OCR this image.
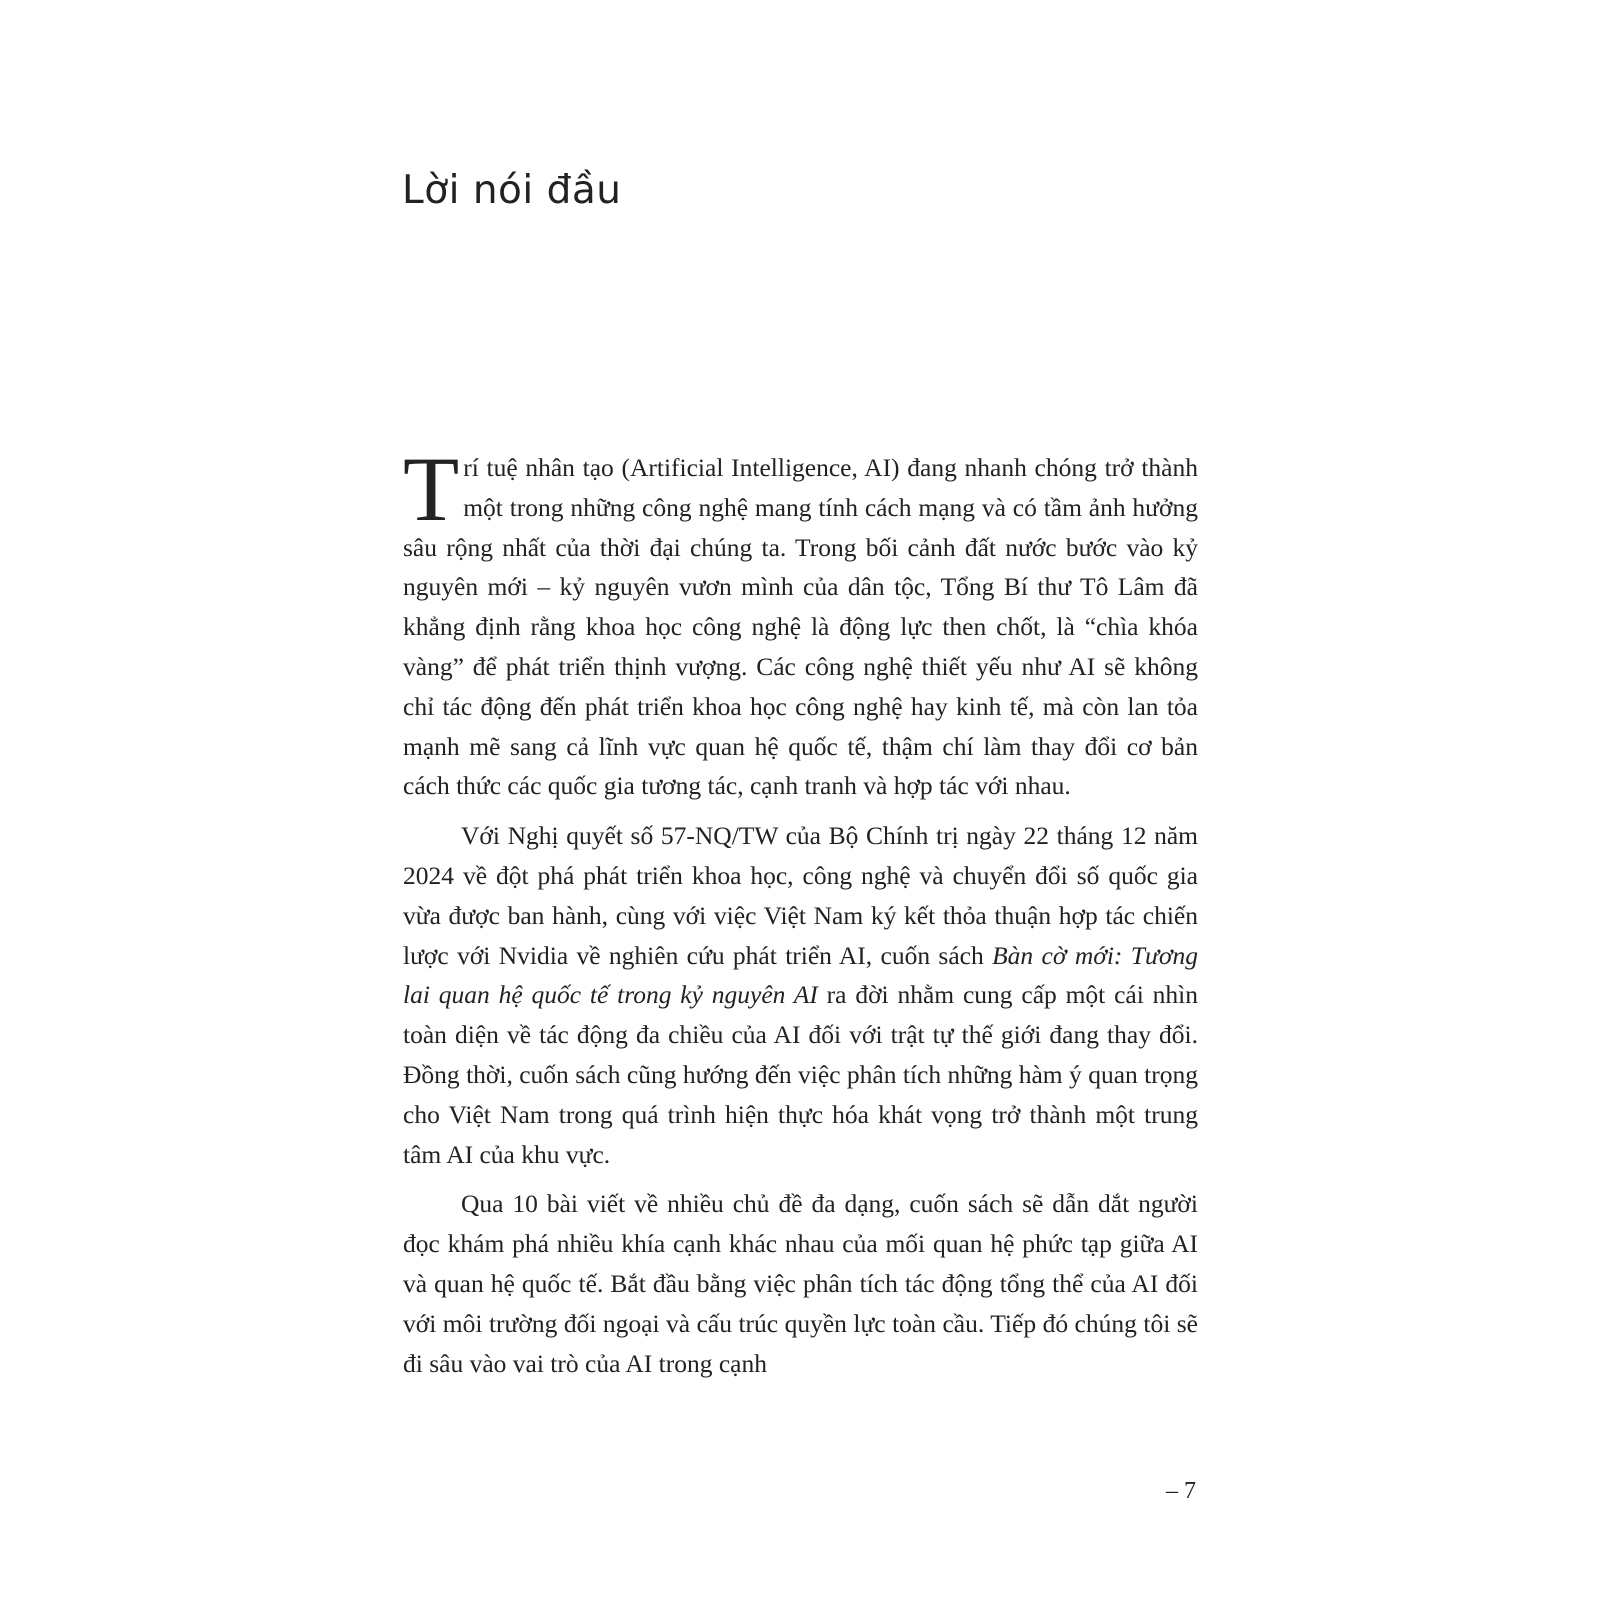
Lời nói đầu

Trí tuệ nhân tạo (Artificial Intelligence, AI) đang nhanh chóng trở thành một trong những công nghệ mang tính cách mạng và có tầm ảnh hưởng sâu rộng nhất của thời đại chúng ta. Trong bối cảnh đất nước bước vào kỷ nguyên mới – kỷ nguyên vươn mình của dân tộc, Tổng Bí thư Tô Lâm đã khẳng định rằng khoa học công nghệ là động lực then chốt, là “chìa khóa vàng” để phát triển thịnh vượng. Các công nghệ thiết yếu như AI sẽ không chỉ tác động đến phát triển khoa học công nghệ hay kinh tế, mà còn lan tỏa mạnh mẽ sang cả lĩnh vực quan hệ quốc tế, thậm chí làm thay đổi cơ bản cách thức các quốc gia tương tác, cạnh tranh và hợp tác với nhau.

Với Nghị quyết số 57-NQ/TW của Bộ Chính trị ngày 22 tháng 12 năm 2024 về đột phá phát triển khoa học, công nghệ và chuyển đổi số quốc gia vừa được ban hành, cùng với việc Việt Nam ký kết thỏa thuận hợp tác chiến lược với Nvidia về nghiên cứu phát triển AI, cuốn sách Bàn cờ mới: Tương lai quan hệ quốc tế trong kỷ nguyên AI ra đời nhằm cung cấp một cái nhìn toàn diện về tác động đa chiều của AI đối với trật tự thế giới đang thay đổi. Đồng thời, cuốn sách cũng hướng đến việc phân tích những hàm ý quan trọng cho Việt Nam trong quá trình hiện thực hóa khát vọng trở thành một trung tâm AI của khu vực.

Qua 10 bài viết về nhiều chủ đề đa dạng, cuốn sách sẽ dẫn dắt người đọc khám phá nhiều khía cạnh khác nhau của mối quan hệ phức tạp giữa AI và quan hệ quốc tế. Bắt đầu bằng việc phân tích tác động tổng thể của AI đối với môi trường đối ngoại và cấu trúc quyền lực toàn cầu. Tiếp đó chúng tôi sẽ đi sâu vào vai trò của AI trong cạnh

– 7
